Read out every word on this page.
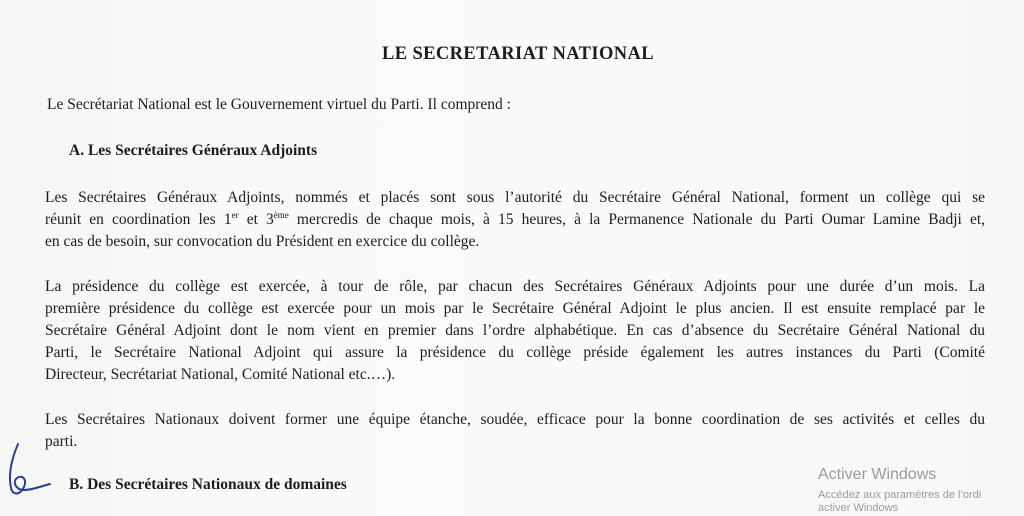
LE SECRETARIAT NATIONAL
Le Secrétariat National est le Gouvernement virtuel du Parti. Il comprend :
A. Les Secrétaires Généraux Adjoints
Les Secrétaires Généraux Adjoints, nommés et placés sont sous l’autorité du Secrétaire Général National, forment un collège qui se
réunit en coordination les 1er et 3ème mercredis de chaque mois, à 15 heures, à la Permanence Nationale du Parti Oumar Lamine Badji et,
en cas de besoin, sur convocation du Président en exercice du collège.
La présidence du collège est exercée, à tour de rôle, par chacun des Secrétaires Généraux Adjoints pour une durée d’un mois. La
première présidence du collège est exercée pour un mois par le Secrétaire Général Adjoint le plus ancien. Il est ensuite remplacé par le
Secrétaire Général Adjoint dont le nom vient en premier dans l’ordre alphabétique. En cas d’absence du Secrétaire Général National du
Parti, le Secrétaire National Adjoint qui assure la présidence du collège préside également les autres instances du Parti (Comité
Directeur, Secrétariat National, Comité National etc.…).
Les Secrétaires Nationaux doivent former une équipe étanche, soudée, efficace pour la bonne coordination de ses activités et celles du
parti.
B. Des Secrétaires Nationaux de domaines
Activer Windows
Accédez aux paramètres de l’ordi
activer Windows
